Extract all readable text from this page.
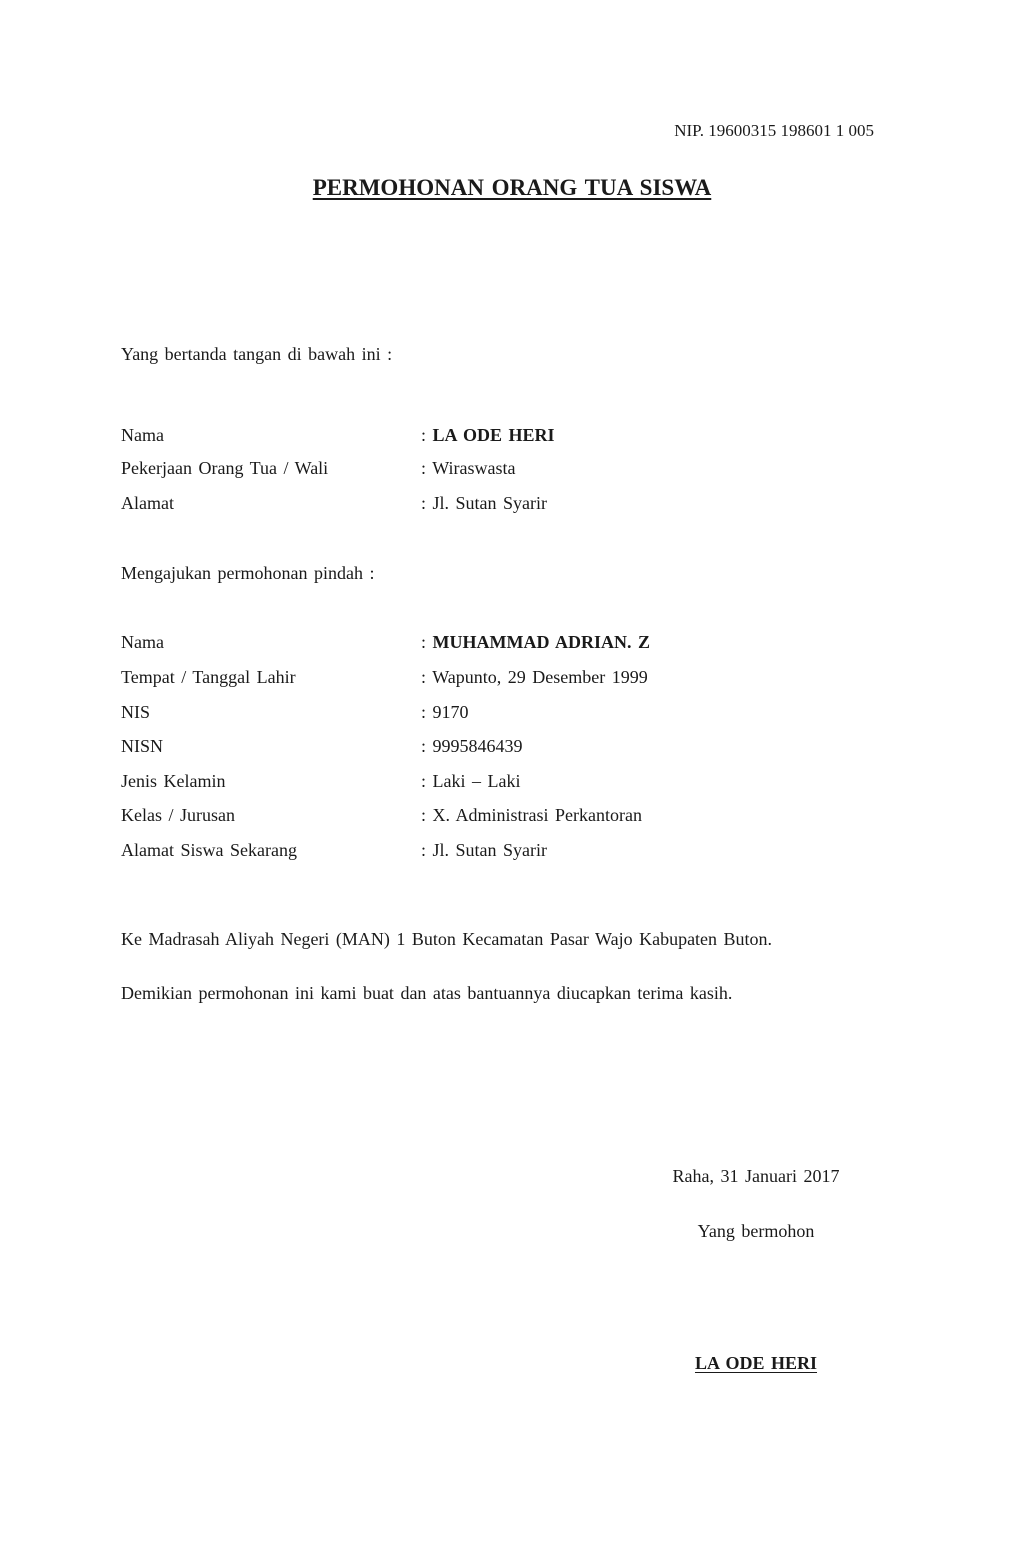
NIP. 19600315 198601 1 005
PERMOHONAN ORANG TUA SISWA
Yang bertanda tangan di bawah ini :
Nama	: LA ODE HERI
Pekerjaan Orang Tua / Wali	: Wiraswasta
Alamat	: Jl. Sutan Syarir
Mengajukan permohonan pindah :
Nama	: MUHAMMAD ADRIAN. Z
Tempat / Tanggal Lahir	: Wapunto, 29 Desember 1999
NIS	: 9170
NISN	: 9995846439
Jenis Kelamin	: Laki – Laki
Kelas / Jurusan	: X. Administrasi Perkantoran
Alamat Siswa Sekarang	: Jl. Sutan Syarir
Ke Madrasah Aliyah Negeri (MAN) 1 Buton Kecamatan Pasar Wajo Kabupaten Buton.
Demikian permohonan ini kami buat dan atas bantuannya diucapkan terima kasih.
Raha, 31 Januari 2017
Yang bermohon
LA ODE HERI
